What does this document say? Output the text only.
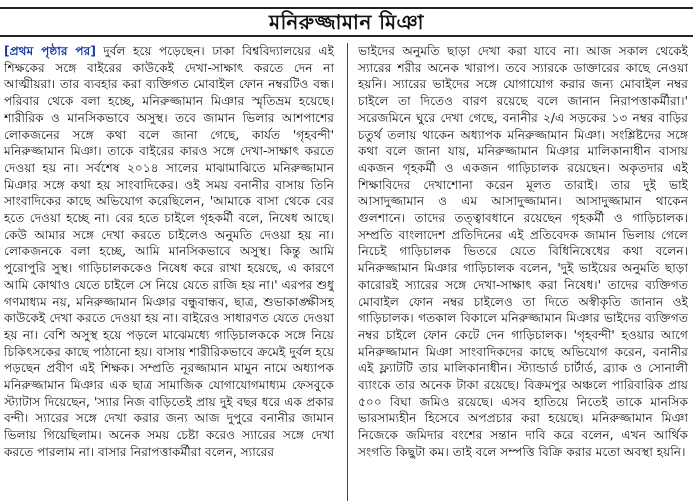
মনিরুজ্জামান মিঞা
[প্রথম পৃষ্ঠার পর] দুর্বল হয়ে পড়েছেন। ঢাকা বিশ্ববিদ্যালয়ের এই শিক্ষকের সঙ্গে বাইরের কাউকেই দেখা-সাক্ষাৎ করতে দেন না আত্মীয়রা। তার ব্যবহার করা ব্যক্তিগত মোবাইল ফোন নম্বরটিও বন্ধ। পরিবার থেকে বলা হচ্ছে, মনিরুজ্জামান মিঞার স্মৃতিভ্রম হয়েছে। শারীরিক ও মানসিকভাবে অসুস্থ। তবে জামান ভিলার আশপাশের লোকজনের সঙ্গে কথা বলে জানা গেছে, কার্যত 'গৃহবন্দী' মনিরুজ্জামান মিঞা। তাকে বাইরের কারও সঙ্গে দেখা-সাক্ষাৎ করতে দেওয়া হয় না। সর্বশেষ ২০১৪ সালের মাঝামাঝিতে মনিরুজ্জামান মিঞার সঙ্গে কথা হয় সাংবাদিকের। ওই সময় বনানীর বাসায় তিনি সাংবাদিকের কাছে অভিযোগ করেছিলেন, 'আমাকে বাসা থেকে বের হতে দেওয়া হচ্ছে না। বের হতে চাইলে গৃহকর্মী বলে, নিষেধ আছে। কেউ আমার সঙ্গে দেখা করতে চাইলেও অনুমতি দেওয়া হয় না। লোকজনকে বলা হচ্ছে, আমি মানসিকভাবে অসুস্থ। কিন্তু আমি পুরোপুরি সুস্থ। গাড়িচালককেও নিষেধ করে রাখা হয়েছে, এ কারণে আমি কোথাও যেতে চাইলে সে নিয়ে যেতে রাজি হয় না।' এরপর শুধু গণমাধ্যম নয়, মনিরুজ্জামান মিঞার বন্ধুবান্ধব, ছাত্র, শুভাকাঙ্ক্ষীসহ কাউকেই দেখা করতে দেওয়া হয় না। বাইরেও সাধারণত যেতে দেওয়া হয় না। বেশি অসুস্থ হয়ে পড়লে মাঝেমধ্যে গাড়িচালককে সঙ্গে নিয়ে চিকিৎসকের কাছে পাঠানো হয়। বাসায় শারীরিকভাবে ক্রমেই দুর্বল হয়ে পড়ছেন প্রবীণ এই শিক্ষক। সম্প্রতি নূরজ্জামান মামুন নামে অধ্যাপক মনিরুজ্জামান মিঞার এক ছাত্র সামাজিক যোগাযোগমাধ্যম ফেসবুকে স্ট্যাটাস দিয়েছেন, 'স্যার নিজ বাড়িতেই প্রায় দুই বছর ধরে এক প্রকার বন্দী। স্যারের সঙ্গে দেখা করার জন্য আজ দুপুরে বনানীর জামান ভিলায় গিয়েছিলাম। অনেক সময় চেষ্টা করেও স্যারের সঙ্গে দেখা করতে পারলাম না। বাসার নিরাপত্তাকর্মীরা বলেন, স্যারের
ভাইদের অনুমতি ছাড়া দেখা করা যাবে না। আজ সকাল থেকেই স্যারের শরীর অনেক খারাপ। তবে স্যারকে ডাক্তারের কাছে নেওয়া হয়নি। স্যারের ভাইদের সঙ্গে যোগাযোগ করার জন্য মোবাইল নম্বর চাইলে তা দিতেও বারণ রয়েছে বলে জানান নিরাপত্তাকর্মীরা।' সরেজমিনে ঘুরে দেখা গেছে, বনানীর ২/এ সড়কের ১৩ নম্বর বাড়ির চতুর্থ তলায় থাকেন অধ্যাপক মনিরুজ্জামান মিঞা। সংশ্লিষ্টদের সঙ্গে কথা বলে জানা যায়, মনিরুজ্জামান মিঞার মালিকানাধীন বাসায় একজন গৃহকর্মী ও একজন গাড়িচালক রয়েছেন। অকৃতদার এই শিক্ষাবিদের দেখাশোনা করেন মূলত তারাই। তার দুই ভাই আসাদুজ্জামান ও এম আসাদুজ্জামান। আসাদুজ্জামান থাকেন গুলশানে। তাদের তত্ত্বাবধানে রয়েছেন গৃহকর্মী ও গাড়িচালক। সম্প্রতি বাংলাদেশ প্রতিদিনের এই প্রতিবেদক জামান ভিলায় গেলে নিচেই গাড়িচালক ভিতরে যেতে বিধিনিষেধের কথা বলেন। মনিরুজ্জামান মিঞার গাড়িচালক বলেন, 'দুই ভাইয়ের অনুমতি ছাড়া কারোরই স্যারের সঙ্গে দেখা-সাক্ষাৎ করা নিষেধ।' তাদের ব্যক্তিগত মোবাইল ফোন নম্বর চাইলেও তা দিতে অস্বীকৃতি জানান ওই গাড়িচালক। গতকাল বিকালে মনিরুজ্জামান মিঞার ভাইদের ব্যক্তিগত নম্বর চাইলে ফোন কেটে দেন গাড়িচালক। 'গৃহবন্দী' হওয়ার আগে মনিরুজ্জামান মিঞা সাংবাদিকদের কাছে অভিযোগ করেন, বনানীর এই ফ্ল্যাটটি তার মালিকানাধীন। স্ট্যান্ডার্ড চার্টার্ড, ব্র্যাক ও সোনালী ব্যাংকে তার অনেক টাকা রয়েছে। বিক্রমপুর অঞ্চলে পারিবারিক প্রায় ৫০০ বিঘা জমিও রয়েছে। এসব হাতিয়ে নিতেই তাকে মানসিক ভারসাম্যহীন হিসেবে অপপ্রচার করা হয়েছে। মনিরুজ্জামান মিঞা নিজেকে জমিদার বংশের সন্তান দাবি করে বলেন, এখন আর্থিক সংগতি কিছুটা কম। তাই বলে সম্পত্তি বিক্রি করার মতো অবস্থা হয়নি।
